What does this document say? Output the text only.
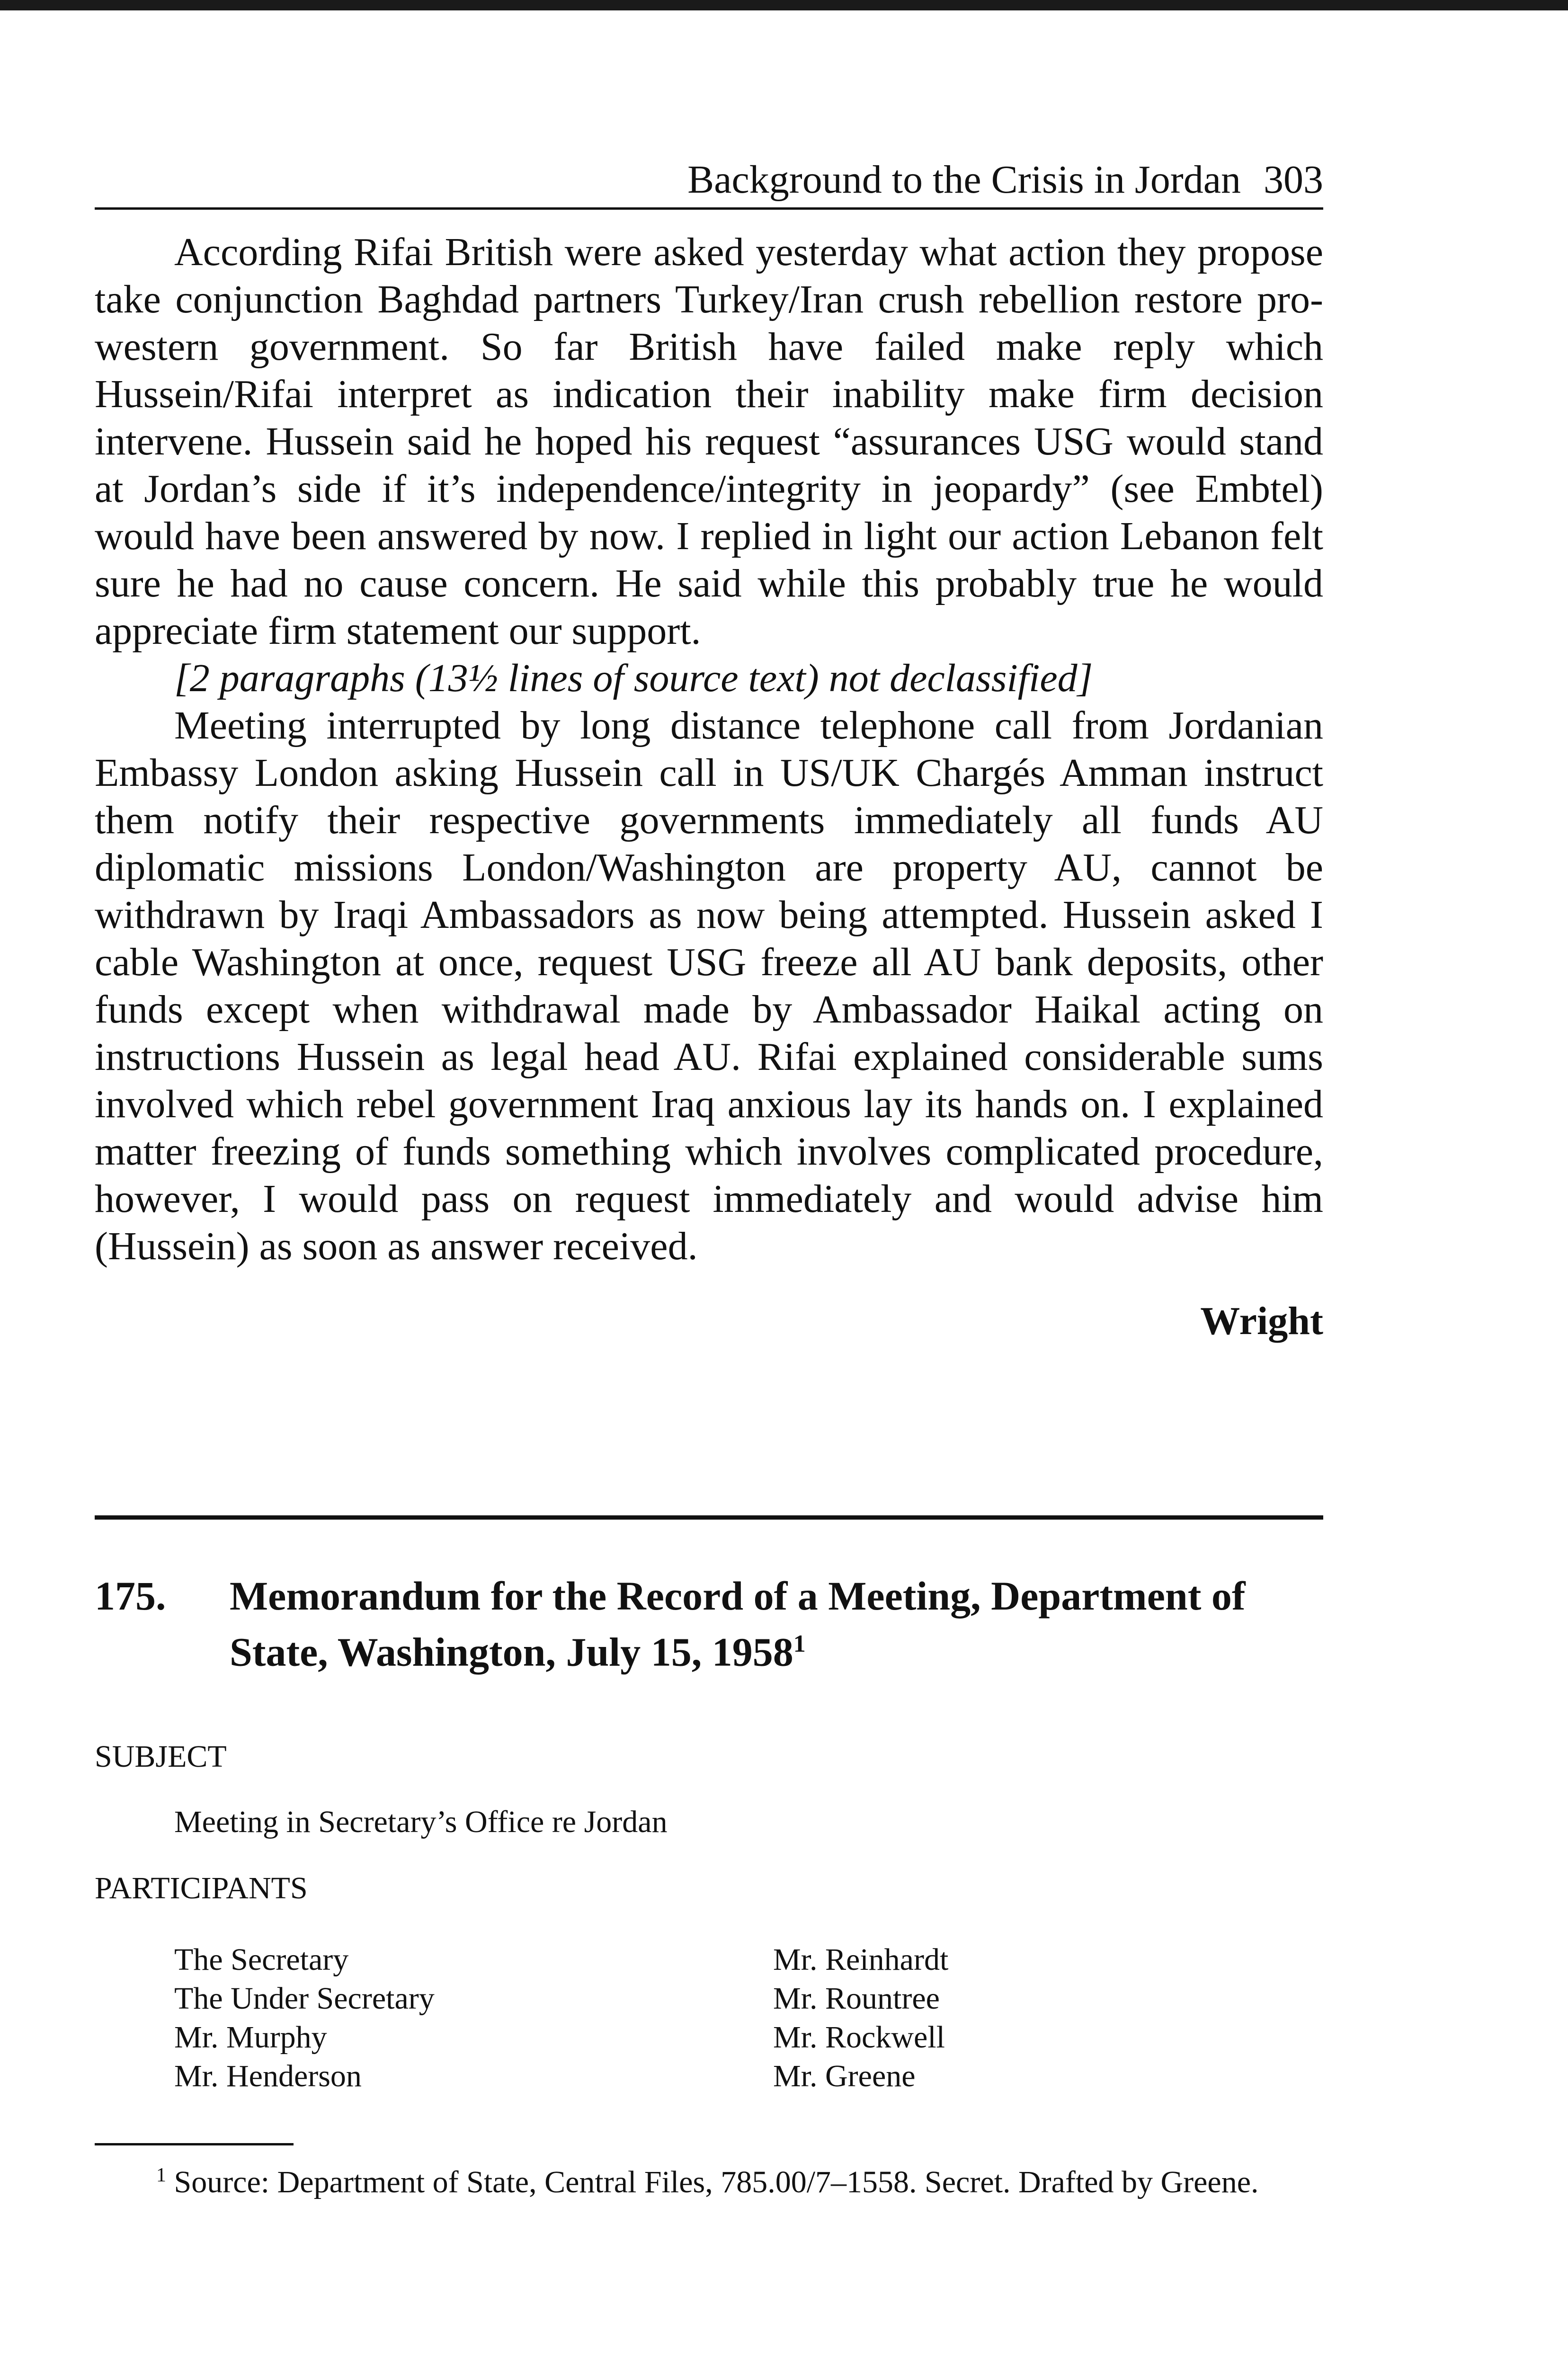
Background to the Crisis in Jordan 303

According Rifai British were asked yesterday what action they propose take conjunction Baghdad partners Turkey/Iran crush rebellion restore pro-western government. So far British have failed make reply which Hussein/Rifai interpret as indication their inability make firm decision intervene. Hussein said he hoped his request “assurances USG would stand at Jordan’s side if it’s independence/integrity in jeopardy” (see Embtel) would have been answered by now. I replied in light our action Lebanon felt sure he had no cause concern. He said while this probably true he would appreciate firm statement our support.

[2 paragraphs (13½ lines of source text) not declassified]

Meeting interrupted by long distance telephone call from Jordanian Embassy London asking Hussein call in US/UK Chargés Amman instruct them notify their respective governments immediately all funds AU diplomatic missions London/Washington are property AU, cannot be withdrawn by Iraqi Ambassadors as now being attempted. Hussein asked I cable Washington at once, request USG freeze all AU bank deposits, other funds except when withdrawal made by Ambassador Haikal acting on instructions Hussein as legal head AU. Rifai explained considerable sums involved which rebel government Iraq anxious lay its hands on. I explained matter freezing of funds something which involves complicated procedure, however, I would pass on request immediately and would advise him (Hussein) as soon as answer received.

Wright
175.	Memorandum for the Record of a Meeting, Department of State, Washington, July 15, 1958$^1$
SUBJECT
Meeting in Secretary’s Office re Jordan
PARTICIPANTS
The Secretary	Mr. Reinhardt
The Under Secretary	Mr. Rountree
Mr. Murphy	Mr. Rockwell
Mr. Henderson	Mr. Greene
$^1$ Source: Department of State, Central Files, 785.00/7–1558. Secret. Drafted by Greene.
